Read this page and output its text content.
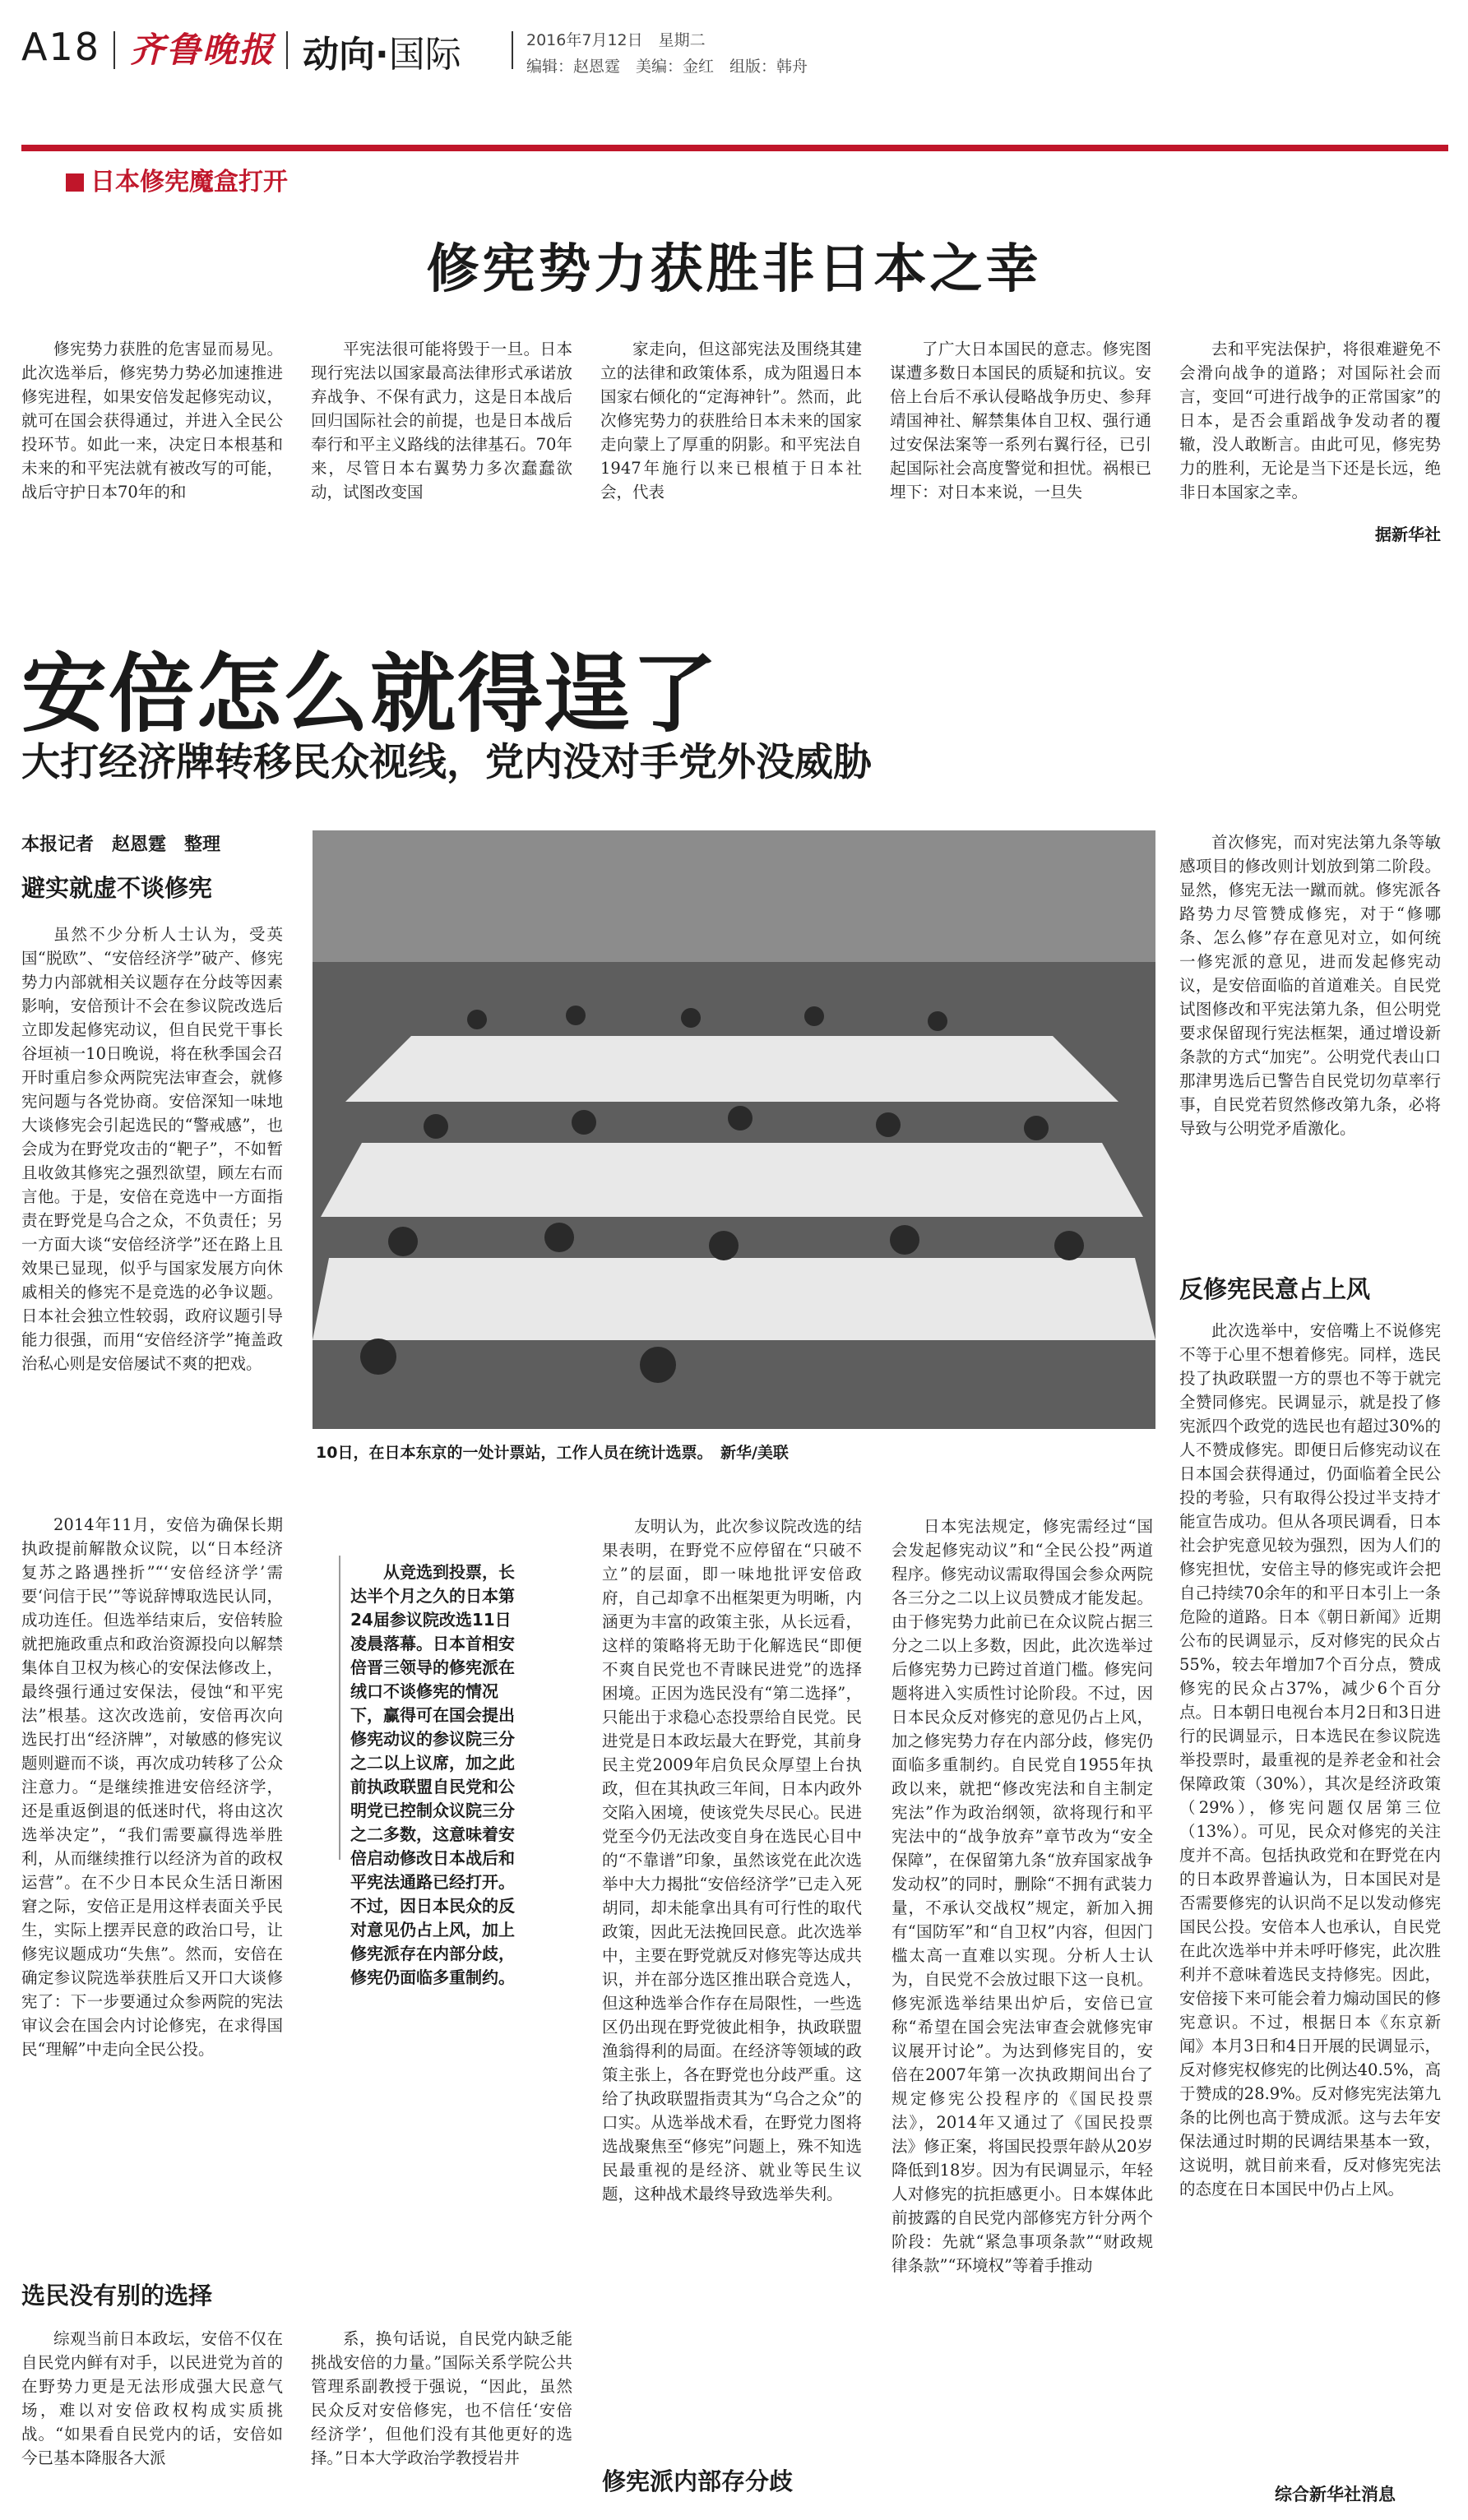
A18 齐鲁晚报 动向·国际	2016年7月12日　星期二
编辑：赵恩霆　美编：金红　组版：韩舟
日本修宪魔盒打开
修宪势力获胜非日本之幸

修宪势力获胜的危害显而易见。此次选举后，修宪势力势必加速推进修宪进程，如果安倍发起修宪动议，就可在国会获得通过，并进入全民公投环节。如此一来，决定日本根基和未来的和平宪法就有被改写的可能，战后守护日本70年的和

平宪法很可能将毁于一旦。日本现行宪法以国家最高法律形式承诺放弃战争、不保有武力，这是日本战后回归国际社会的前提，也是日本战后奉行和平主义路线的法律基石。70年来，尽管日本右翼势力多次蠢蠢欲动，试图改变国

家走向，但这部宪法及围绕其建立的法律和政策体系，成为阻遏日本国家右倾化的“定海神针”。然而，此次修宪势力的获胜给日本未来的国家走向蒙上了厚重的阴影。和平宪法自1947年施行以来已根植于日本社会，代表

了广大日本国民的意志。修宪图谋遭多数日本国民的质疑和抗议。安倍上台后不承认侵略战争历史、参拜靖国神社、解禁集体自卫权、强行通过安保法案等一系列右翼行径，已引起国际社会高度警觉和担忧。祸根已埋下：对日本来说，一旦失

去和平宪法保护，将很难避免不会滑向战争的道路；对国际社会而言，变回“可进行战争的正常国家”的日本，是否会重蹈战争发动者的覆辙，没人敢断言。由此可见，修宪势力的胜利，无论是当下还是长远，绝非日本国家之幸。

据新华社
安倍怎么就得逞了
大打经济牌转移民众视线，党内没对手党外没威胁
本报记者　赵恩霆　整理
避实就虚不谈修宪

虽然不少分析人士认为，受英国“脱欧”、“安倍经济学”破产、修宪势力内部就相关议题存在分歧等因素影响，安倍预计不会在参议院改选后立即发起修宪动议，但自民党干事长谷垣祯一10日晚说，将在秋季国会召开时重启参众两院宪法审查会，就修宪问题与各党协商。安倍深知一味地大谈修宪会引起选民的“警戒感”，也会成为在野党攻击的“靶子”，不如暂且收敛其修宪之强烈欲望，顾左右而言他。于是，安倍在竞选中一方面指责在野党是乌合之众，不负责任；另一方面大谈“安倍经济学”还在路上且效果已显现，似乎与国家发展方向休戚相关的修宪不是竞选的必争议题。日本社会独立性较弱，政府议题引导能力很强，而用“安倍经济学”掩盖政治私心则是安倍屡试不爽的把戏。

2014年11月，安倍为确保长期执政提前解散众议院，以“日本经济复苏之路遇挫折”“‘安倍经济学’需要‘问信于民’”等说辞博取选民认同，成功连任。但选举结束后，安倍转脸就把施政重点和政治资源投向以解禁集体自卫权为核心的安保法修改上，最终强行通过安保法，侵蚀“和平宪法”根基。这次改选前，安倍再次向选民打出“经济牌”，对敏感的修宪议题则避而不谈，再次成功转移了公众注意力。“是继续推进安倍经济学，还是重返倒退的低迷时代，将由这次选举决定”，“我们需要赢得选举胜利，从而继续推行以经济为首的政权运营”。在不少日本民众生活日渐困窘之际，安倍正是用这样表面关乎民生，实际上摆弄民意的政治口号，让修宪议题成功“失焦”。然而，安倍在确定参议院选举获胜后又开口大谈修宪了：下一步要通过众参两院的宪法审议会在国会内讨论修宪，在求得国民“理解”中走向全民公投。

选民没有别的选择

综观当前日本政坛，安倍不仅在自民党内鲜有对手，以民进党为首的在野势力更是无法形成强大民意气场，难以对安倍政权构成实质挑战。“如果看自民党内的话，安倍如今已基本降服各大派

10日，在日本东京的一处计票站，工作人员在统计选票。　新华/美联

从竞选到投票，长达半个月之久的日本第24届参议院改选11日凌晨落幕。日本首相安倍晋三领导的修宪派在绒口不谈修宪的情况下，赢得可在国会提出修宪动议的参议院三分之二以上议席，加之此前执政联盟自民党和公明党已控制众议院三分之二多数，这意味着安倍启动修改日本战后和平宪法通路已经打开。不过，因日本民众的反对意见仍占上风，加上修宪派存在内部分歧，修宪仍面临多重制约。

友明认为，此次参议院改选的结果表明，在野党不应停留在“只破不立”的层面，即一味地批评安倍政府，自己却拿不出框架更为明晰，内涵更为丰富的政策主张，从长远看，这样的策略将无助于化解选民“即便不爽自民党也不青睐民进党”的选择困境。正因为选民没有“第二选择”，只能出于求稳心态投票给自民党。民进党是日本政坛最大在野党，其前身民主党2009年启负民众厚望上台执政，但在其执政三年间，日本内政外交陷入困境，使该党失尽民心。民进党至今仍无法改变自身在选民心目中的“不靠谱”印象，虽然该党在此次选举中大力揭批“安倍经济学”已走入死胡同，却未能拿出具有可行性的取代政策，因此无法挽回民意。此次选举中，主要在野党就反对修宪等达成共识，并在部分选区推出联合竞选人，但这种选举合作存在局限性，一些选区仍出现在野党彼此相争，执政联盟渔翁得利的局面。在经济等领域的政策主张上，各在野党也分歧严重。这给了执政联盟指责其为“乌合之众”的口实。从选举战术看，在野党力图将选战聚焦至“修宪”问题上，殊不知选民最重视的是经济、就业等民生议题，这种战术最终导致选举失利。

系，换句话说，自民党内缺乏能挑战安倍的力量。”国际关系学院公共管理系副教授于强说，“因此，虽然民众反对安倍修宪，也不信任‘安倍经济学’，但他们没有其他更好的选择。”日本大学政治学教授岩井

修宪派内部存分歧

日本宪法规定，修宪需经过“国会发起修宪动议”和“全民公投”两道程序。修宪动议需取得国会参众两院各三分之二以上议员赞成才能发起。由于修宪势力此前已在众议院占据三分之二以上多数，因此，此次选举过后修宪势力已跨过首道门槛。修宪问题将进入实质性讨论阶段。不过，因日本民众反对修宪的意见仍占上风，加之修宪势力存在内部分歧，修宪仍面临多重制约。自民党自1955年执政以来，就把“修改宪法和自主制定宪法”作为政治纲领，欲将现行和平宪法中的“战争放弃”章节改为“安全保障”，在保留第九条“放弃国家战争发动权”的同时，删除“不拥有武装力量，不承认交战权”规定，新加入拥有“国防军”和“自卫权”内容，但因门槛太高一直难以实现。分析人士认为，自民党不会放过眼下这一良机。修宪派选举结果出炉后，安倍已宣称“希望在国会宪法审查会就修宪审议展开讨论”。为达到修宪目的，安倍在2007年第一次执政期间出台了规定修宪公投程序的《国民投票法》，2014年又通过了《国民投票法》修正案，将国民投票年龄从20岁降低到18岁。因为有民调显示，年轻人对修宪的抗拒感更小。日本媒体此前披露的自民党内部修宪方针分两个阶段：先就“紧急事项条款”“财政规律条款”“环境权”等着手推动

首次修宪，而对宪法第九条等敏感项目的修改则计划放到第二阶段。显然，修宪无法一蹴而就。修宪派各路势力尽管赞成修宪，对于“修哪条、怎么修”存在意见对立，如何统一修宪派的意见，进而发起修宪动议，是安倍面临的首道难关。自民党试图修改和平宪法第九条，但公明党要求保留现行宪法框架，通过增设新条款的方式“加宪”。公明党代表山口那津男选后已警告自民党切勿草率行事，自民党若贸然修改第九条，必将导致与公明党矛盾激化。

反修宪民意占上风

此次选举中，安倍嘴上不说修宪不等于心里不想着修宪。同样，选民投了执政联盟一方的票也不等于就完全赞同修宪。民调显示，就是投了修宪派四个政党的选民也有超过30%的人不赞成修宪。即便日后修宪动议在日本国会获得通过，仍面临着全民公投的考验，只有取得公投过半支持才能宣告成功。但从各项民调看，日本社会护宪意见较为强烈，因为人们的修宪担忧，安倍主导的修宪或许会把自己持续70余年的和平日本引上一条危险的道路。日本《朝日新闻》近期公布的民调显示，反对修宪的民众占55%，较去年增加7个百分点，赞成修宪的民众占37%，减少6个百分点。日本朝日电视台本月2日和3日进行的民调显示，日本选民在参议院选举投票时，最重视的是养老金和社会保障政策（30%），其次是经济政策（29%），修宪问题仅居第三位（13%）。可见，民众对修宪的关注度并不高。包括执政党和在野党在内的日本政界普遍认为，日本国民对是否需要修宪的认识尚不足以发动修宪国民公投。安倍本人也承认，自民党在此次选举中并未呼吁修宪，此次胜利并不意味着选民支持修宪。因此，安倍接下来可能会着力煽动国民的修宪意识。不过，根据日本《东京新闻》本月3日和4日开展的民调显示，反对修宪权修宪的比例达40.5%，高于赞成的28.9%。反对修宪宪法第九条的比例也高于赞成派。这与去年安保法通过时期的民调结果基本一致，这说明，就目前来看，反对修宪宪法的态度在日本国民中仍占上风。

综合新华社消息
